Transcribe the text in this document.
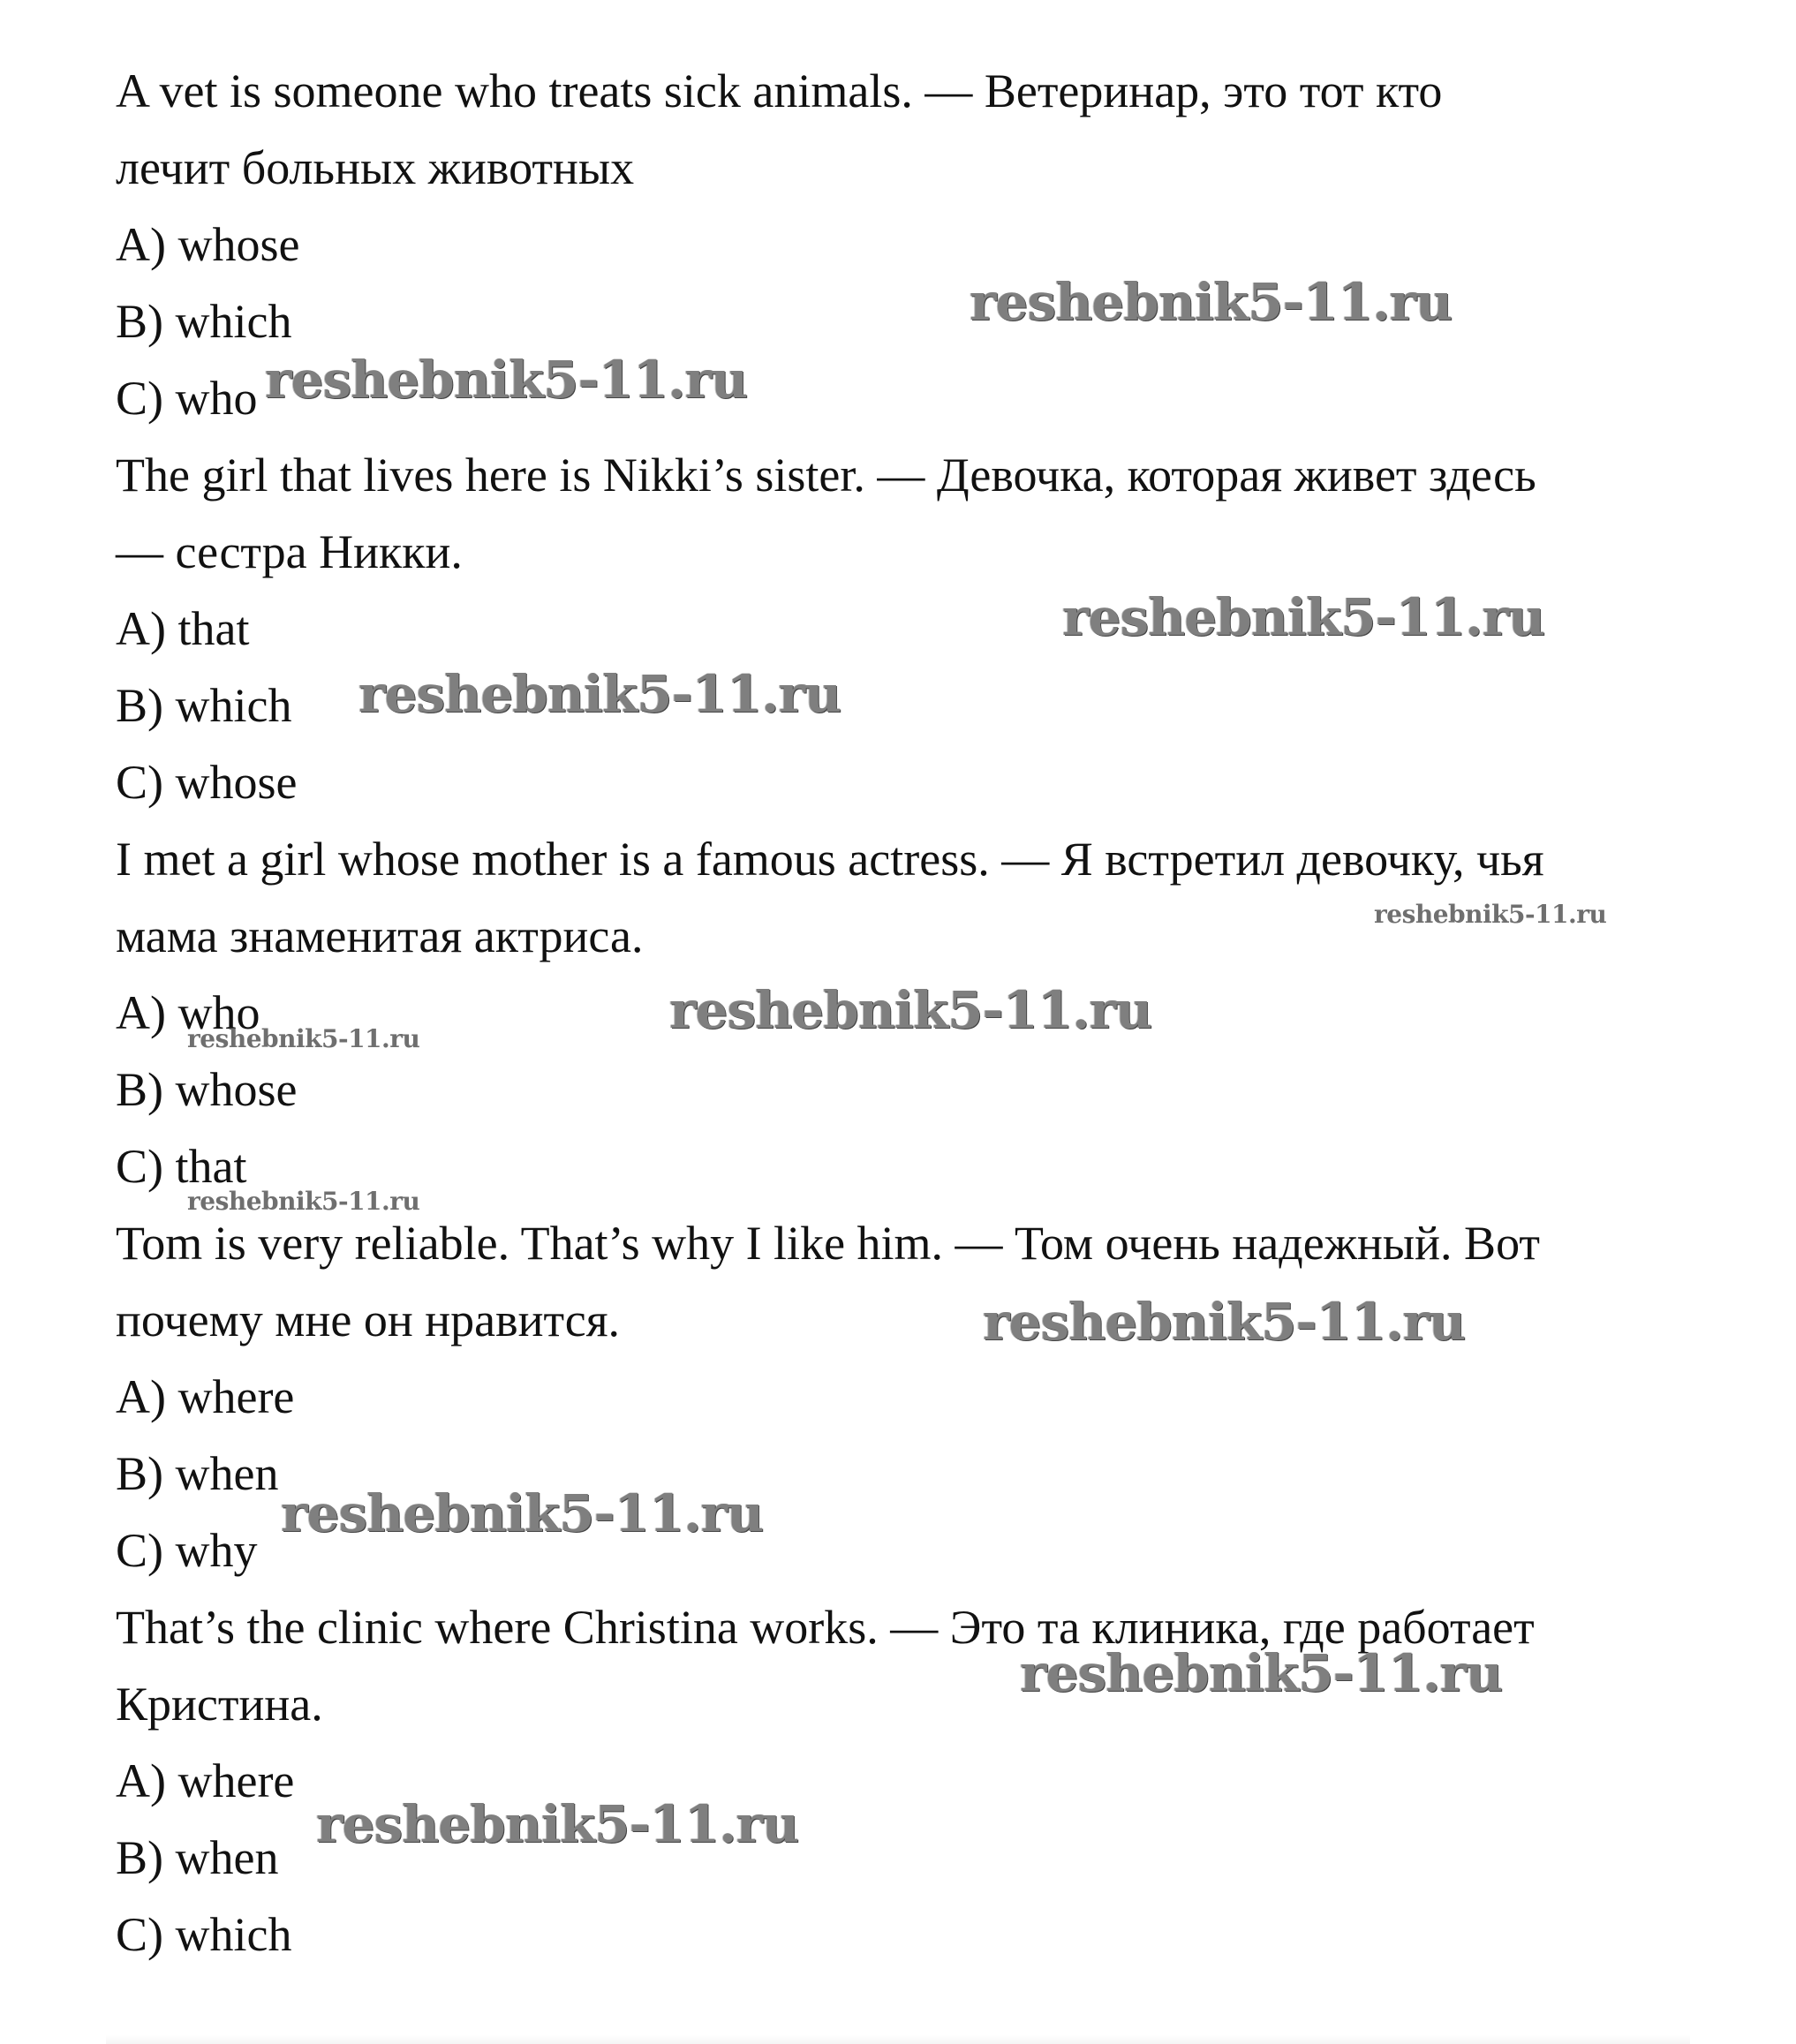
A vet is someone who treats sick animals. — Ветеринар, это тот кто
лечит больных животных
A) whose
B) which
C) who
The girl that lives here is Nikki’s sister. — Девочка, которая живет здесь
— сестра Никки.
A) that
B) which
C) whose
I met a girl whose mother is a famous actress. — Я встретил девочку, чья
мама знаменитая актриса.
A) who
B) whose
C) that
Tom is very reliable. That’s why I like him. — Том очень надежный. Вот
почему мне он нравится.
A) where
B) when
C) why
That’s the clinic where Christina works. — Это та клиника, где работает
Кристина.
A) where
B) when
C) which
reshebnik5-11.ru
reshebnik5-11.ru
reshebnik5-11.ru
reshebnik5-11.ru
reshebnik5-11.ru
reshebnik5-11.ru
reshebnik5-11.ru
reshebnik5-11.ru
reshebnik5-11.ru
reshebnik5-11.ru
reshebnik5-11.ru
reshebnik5-11.ru
